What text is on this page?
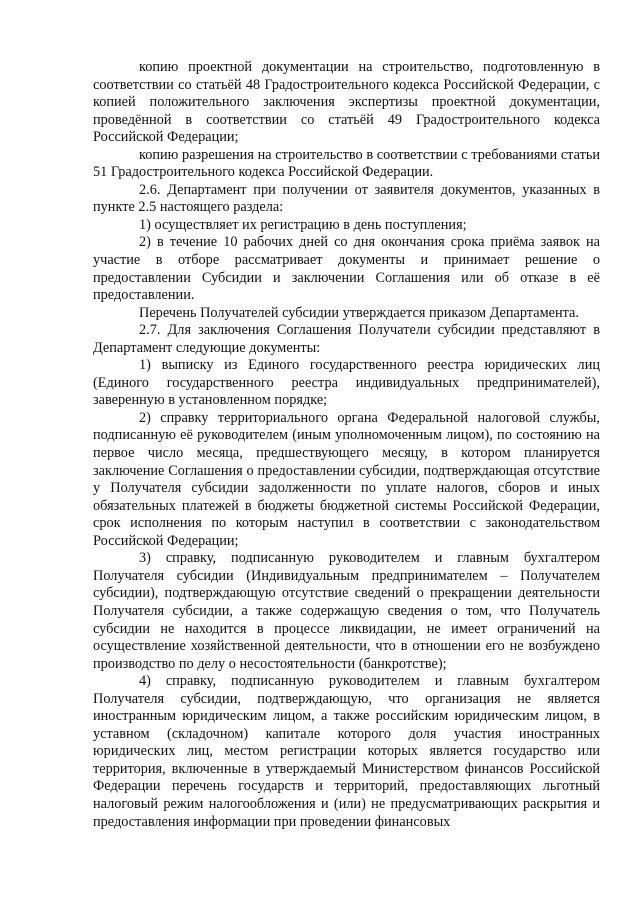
копию проектной документации на строительство, подготовленную в соответствии со статьёй 48 Градостроительного кодекса Российской Федерации, с копией положительного заключения экспертизы проектной документации, проведённой в соответствии со статьёй 49 Градостроительного кодекса Российской Федерации;

копию разрешения на строительство в соответствии с требованиями статьи 51 Градостроительного кодекса Российской Федерации.

2.6. Департамент при получении от заявителя документов, указанных в пункте 2.5 настоящего раздела:

1) осуществляет их регистрацию в день поступления;

2) в течение 10 рабочих дней со дня окончания срока приёма заявок на участие в отборе рассматривает документы и принимает решение о предоставлении Субсидии и заключении Соглашения или об отказе в её предоставлении.

Перечень Получателей субсидии утверждается приказом Департамента.

2.7. Для заключения Соглашения Получатели субсидии представляют в Департамент следующие документы:

1) выписку из Единого государственного реестра юридических лиц (Единого государственного реестра индивидуальных предпринимателей), заверенную в установленном порядке;

2) справку территориального органа Федеральной налоговой службы, подписанную её руководителем (иным уполномоченным лицом), по состоянию на первое число месяца, предшествующего месяцу, в котором планируется заключение Соглашения о предоставлении субсидии, подтверждающая отсутствие у Получателя субсидии задолженности по уплате налогов, сборов и иных обязательных платежей в бюджеты бюджетной системы Российской Федерации, срок исполнения по которым наступил в соответствии с законодательством Российской Федерации;

3) справку, подписанную руководителем и главным бухгалтером Получателя субсидии (Индивидуальным предпринимателем – Получателем субсидии), подтверждающую отсутствие сведений о прекращении деятельности Получателя субсидии, а также содержащую сведения о том, что Получатель субсидии не находится в процессе ликвидации, не имеет ограничений на осуществление хозяйственной деятельности, что в отношении его не возбуждено производство по делу о несостоятельности (банкротстве);

4) справку, подписанную руководителем и главным бухгалтером Получателя субсидии, подтверждающую, что организация не является иностранным юридическим лицом, а также российским юридическим лицом, в уставном (складочном) капитале которого доля участия иностранных юридических лиц, местом регистрации которых является государство или территория, включенные в утверждаемый Министерством финансов Российской Федерации перечень государств и территорий, предоставляющих льготный налоговый режим налогообложения и (или) не предусматривающих раскрытия и предоставления информации при проведении финансовых
